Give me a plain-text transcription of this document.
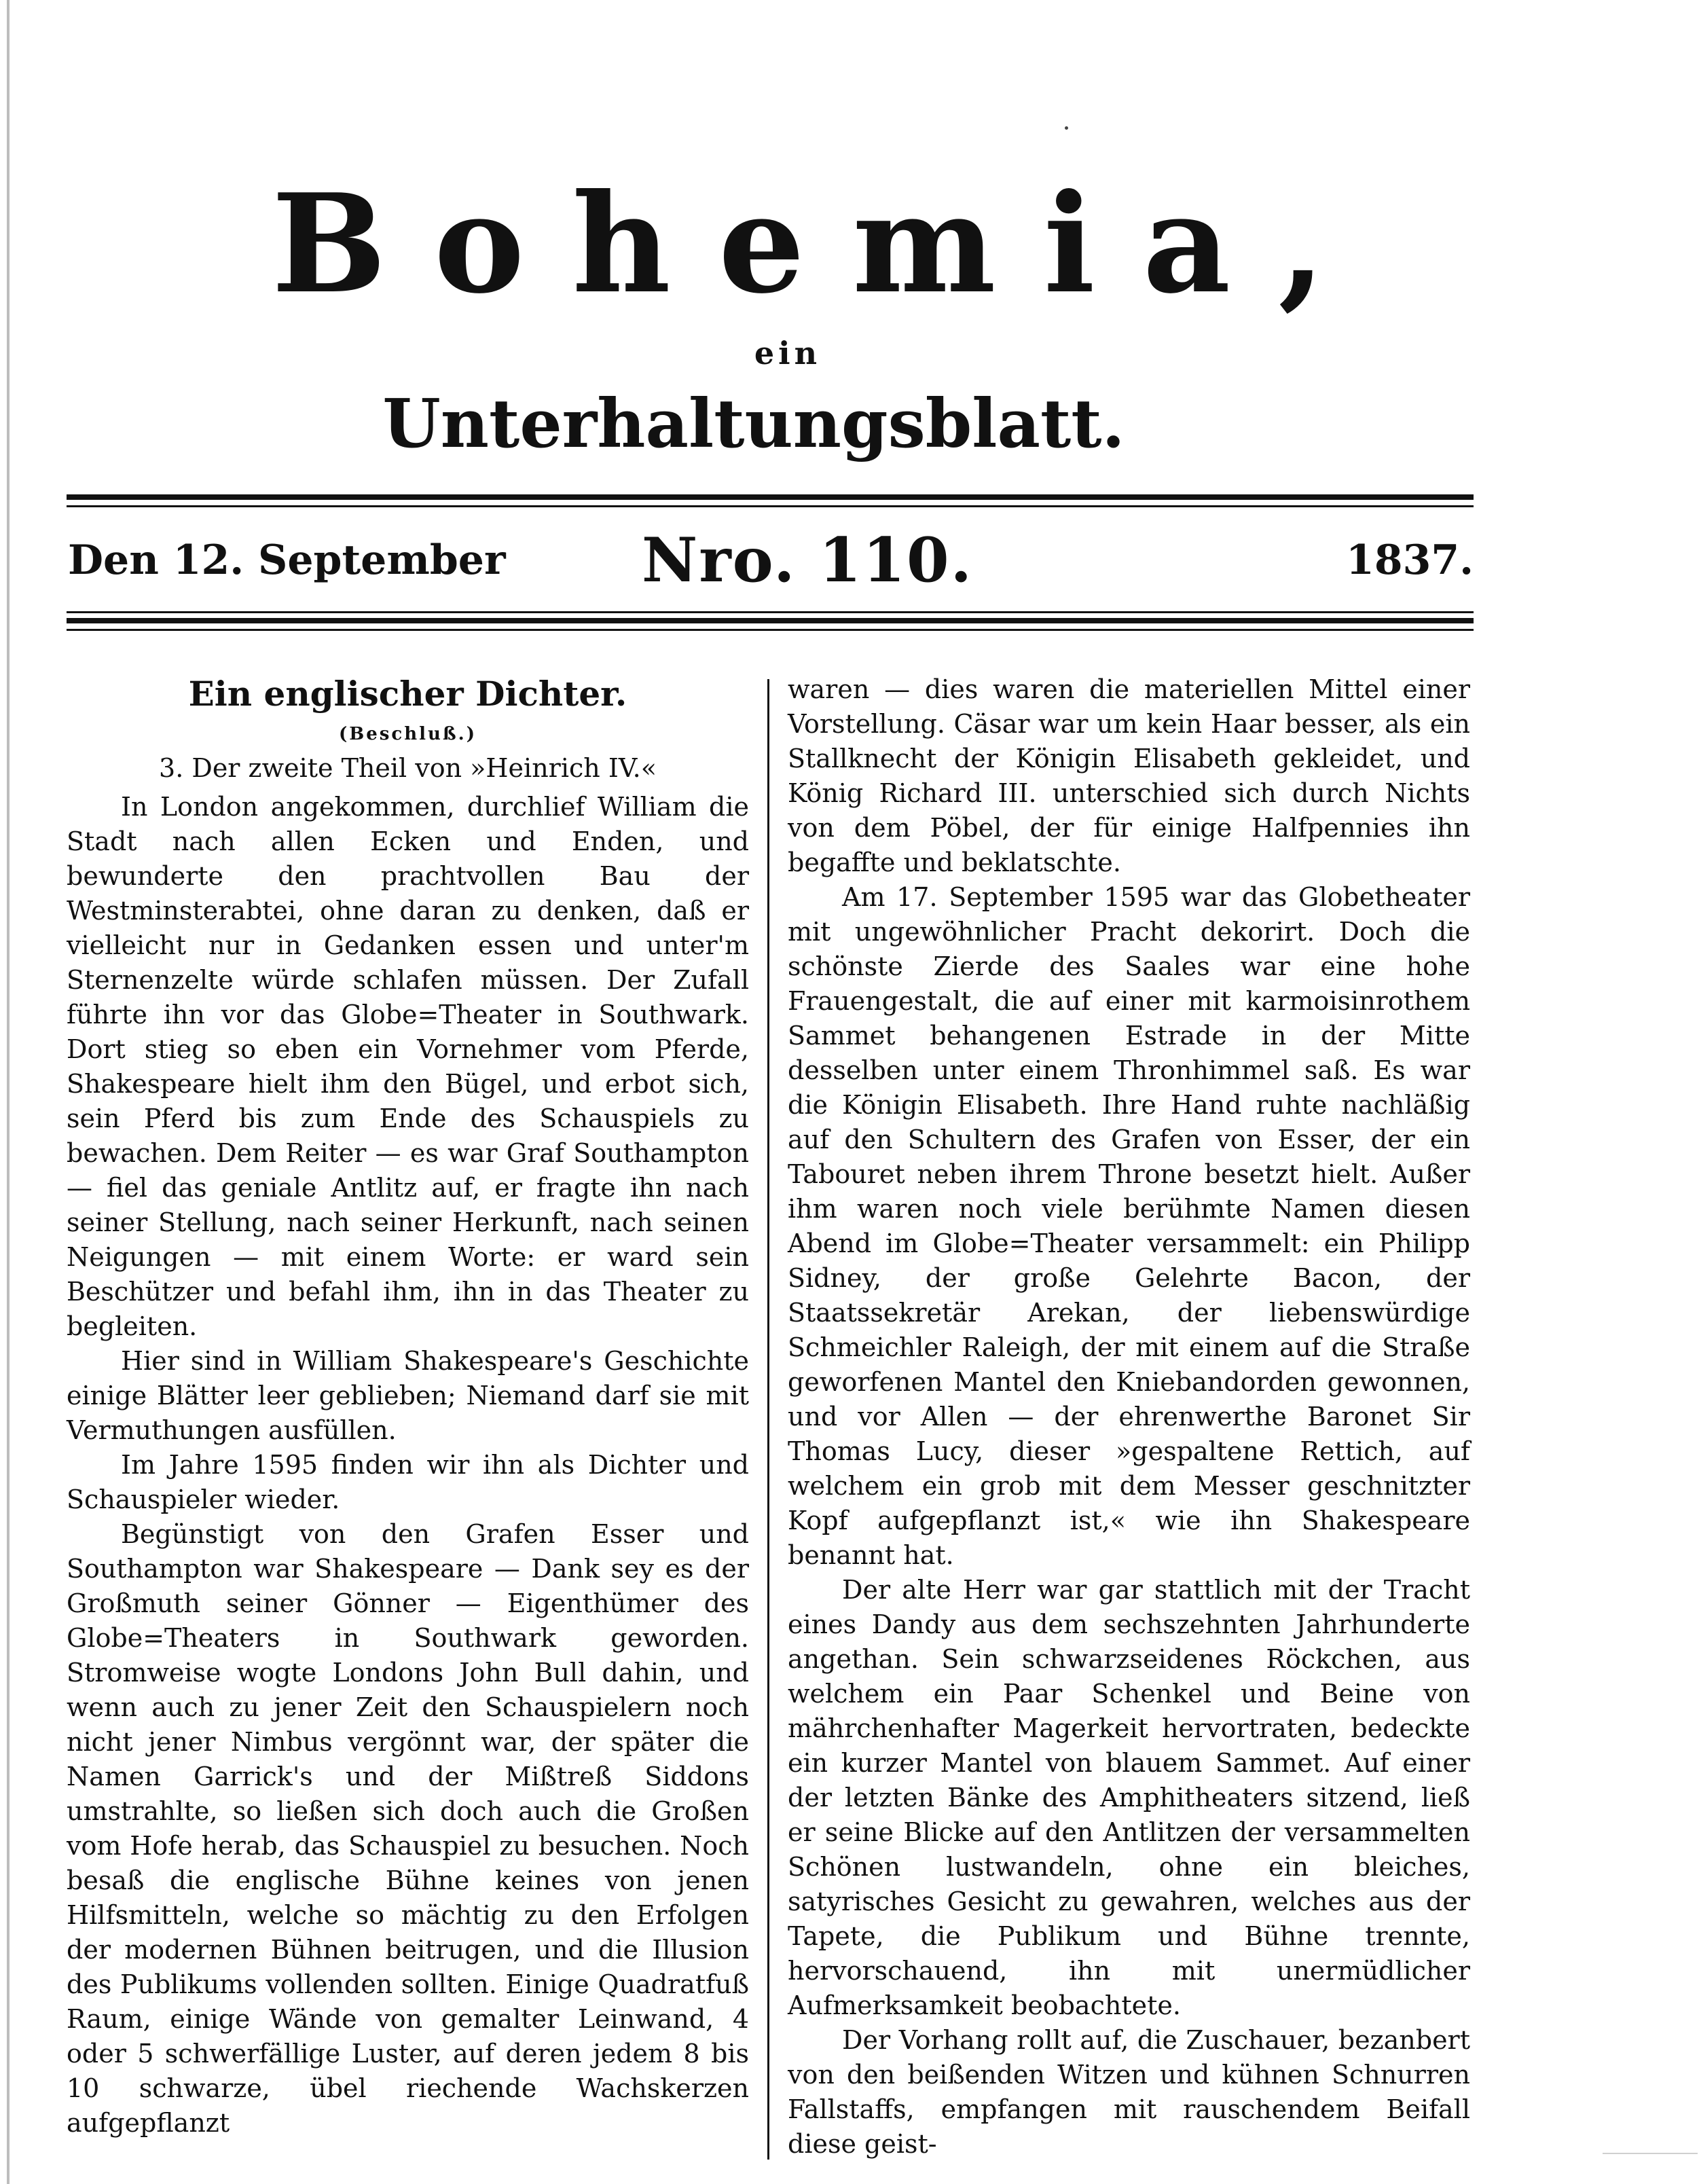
Bohemia,
ein
Unterhaltungsblatt.
Den 12. September Nro. 110.	1837.
Ein englischer Dichter.
(Beschluß.)
3. Der zweite Theil von »Heinrich IV.«

In London angekommen, durchlief William die Stadt nach allen Ecken und Enden, und bewunderte den prachtvollen Bau der Westminsterabtei, ohne daran zu denken, daß er vielleicht nur in Gedanken essen und unter'm Sternenzelte würde schlafen müssen. Der Zufall führte ihn vor das Globe=Theater in Southwark. Dort stieg so eben ein Vornehmer vom Pferde, Shakespeare hielt ihm den Bügel, und erbot sich, sein Pferd bis zum Ende des Schauspiels zu bewachen. Dem Reiter — es war Graf Southampton — fiel das geniale Antlitz auf, er fragte ihn nach seiner Stellung, nach seiner Herkunft, nach seinen Neigungen — mit einem Worte: er ward sein Beschützer und befahl ihm, ihn in das Theater zu begleiten.

Hier sind in William Shakespeare's Geschichte einige Blätter leer geblieben; Niemand darf sie mit Vermuthungen ausfüllen.

Im Jahre 1595 finden wir ihn als Dichter und Schauspieler wieder.

Begünstigt von den Grafen Esser und Southampton war Shakespeare — Dank sey es der Großmuth seiner Gönner — Eigenthümer des Globe=Theaters in Southwark geworden. Stromweise wogte Londons John Bull dahin, und wenn auch zu jener Zeit den Schauspielern noch nicht jener Nimbus vergönnt war, der später die Namen Garrick's und der Mißtreß Siddons umstrahlte, so ließen sich doch auch die Großen vom Hofe herab, das Schauspiel zu besuchen. Noch besaß die englische Bühne keines von jenen Hilfsmitteln, welche so mächtig zu den Erfolgen der modernen Bühnen beitrugen, und die Illusion des Publikums vollenden sollten. Einige Quadratfuß Raum, einige Wände von gemalter Leinwand, 4 oder 5 schwerfällige Luster, auf deren jedem 8 bis 10 schwarze, übel riechende Wachskerzen aufgepflanzt

waren — dies waren die materiellen Mittel einer Vorstellung. Cäsar war um kein Haar besser, als ein Stallknecht der Königin Elisabeth gekleidet, und König Richard III. unterschied sich durch Nichts von dem Pöbel, der für einige Halfpennies ihn begaffte und beklatschte.

Am 17. September 1595 war das Globetheater mit ungewöhnlicher Pracht dekorirt. Doch die schönste Zierde des Saales war eine hohe Frauengestalt, die auf einer mit karmoisinrothem Sammet behangenen Estrade in der Mitte desselben unter einem Thronhimmel saß. Es war die Königin Elisabeth. Ihre Hand ruhte nachläßig auf den Schultern des Grafen von Esser, der ein Tabouret neben ihrem Throne besetzt hielt. Außer ihm waren noch viele berühmte Namen diesen Abend im Globe=Theater versammelt: ein Philipp Sidney, der große Gelehrte Bacon, der Staatssekretär Arekan, der liebenswürdige Schmeichler Raleigh, der mit einem auf die Straße geworfenen Mantel den Kniebandorden gewonnen, und vor Allen — der ehrenwerthe Baronet Sir Thomas Lucy, dieser »gespaltene Rettich, auf welchem ein grob mit dem Messer geschnitzter Kopf aufgepflanzt ist,« wie ihn Shakespeare benannt hat.

Der alte Herr war gar stattlich mit der Tracht eines Dandy aus dem sechszehnten Jahrhunderte angethan. Sein schwarzseidenes Röckchen, aus welchem ein Paar Schenkel und Beine von mährchenhafter Magerkeit hervortraten, bedeckte ein kurzer Mantel von blauem Sammet. Auf einer der letzten Bänke des Amphitheaters sitzend, ließ er seine Blicke auf den Antlitzen der versammelten Schönen lustwandeln, ohne ein bleiches, satyrisches Gesicht zu gewahren, welches aus der Tapete, die Publikum und Bühne trennte, hervorschauend, ihn mit unermüdlicher Aufmerksamkeit beobachtete.

Der Vorhang rollt auf, die Zuschauer, bezanbert von den beißenden Witzen und kühnen Schnurren Fallstaffs, empfangen mit rauschendem Beifall diese geist-
